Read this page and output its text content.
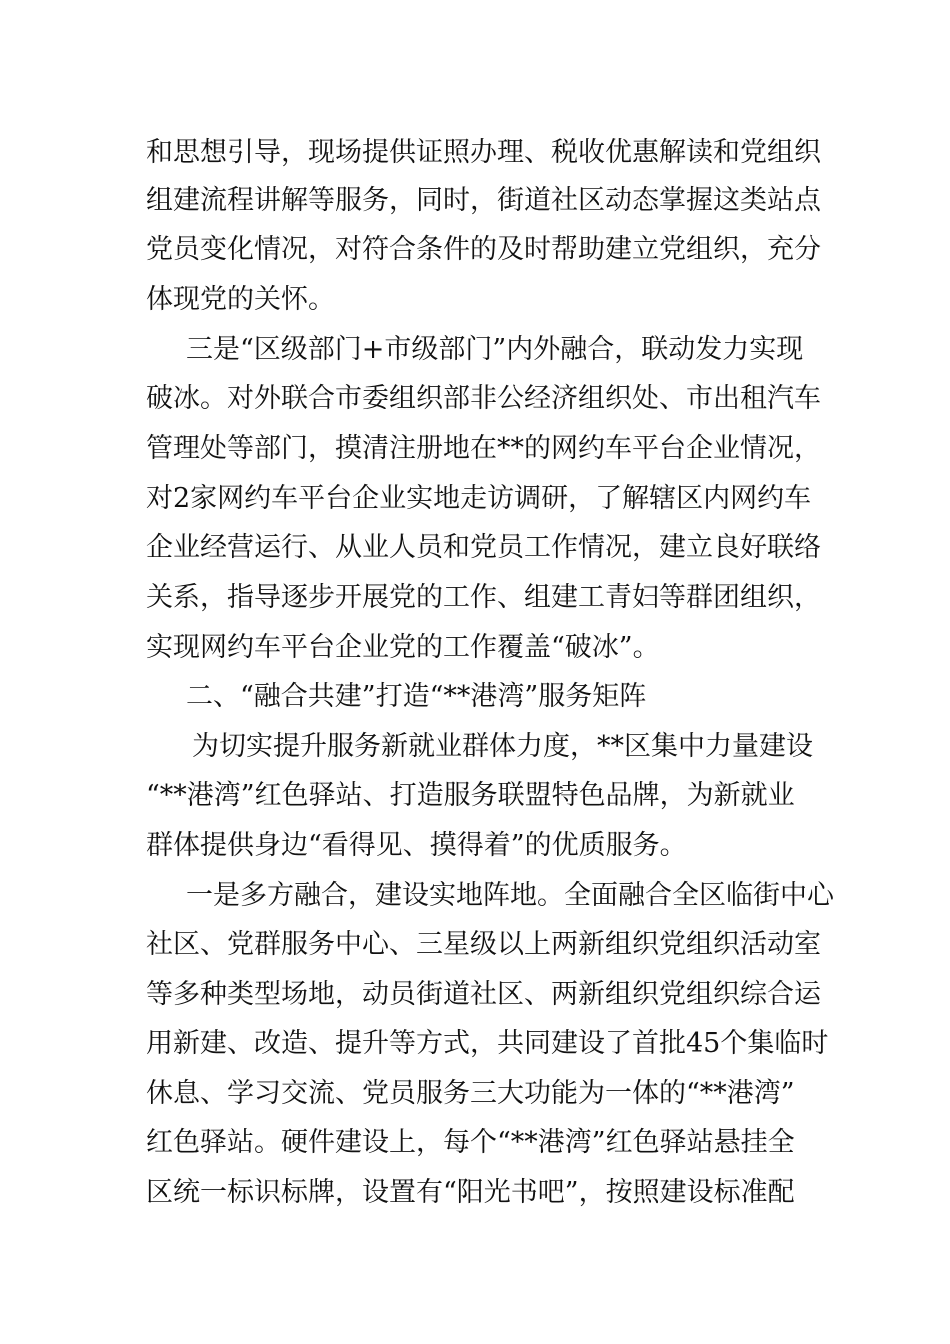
和思想引导，现场提供证照办理、税收优惠解读和党组织
组建流程讲解等服务，同时，街道社区动态掌握这类站点
党员变化情况，对符合条件的及时帮助建立党组织，充分
体现党的关怀。
三是“区级部门+市级部门”内外融合，联动发力实现
破冰。对外联合市委组织部非公经济组织处、市出租汽车
管理处等部门，摸清注册地在**的网约车平台企业情况，
对2家网约车平台企业实地走访调研，了解辖区内网约车
企业经营运行、从业人员和党员工作情况，建立良好联络
关系，指导逐步开展党的工作、组建工青妇等群团组织，
实现网约车平台企业党的工作覆盖“破冰”。
二、“融合共建”打造“**港湾”服务矩阵
为切实提升服务新就业群体力度，**区集中力量建设
“**港湾”红色驿站、打造服务联盟特色品牌，为新就业
群体提供身边“看得见、摸得着”的优质服务。
一是多方融合，建设实地阵地。全面融合全区临街中心
社区、党群服务中心、三星级以上两新组织党组织活动室
等多种类型场地，动员街道社区、两新组织党组织综合运
用新建、改造、提升等方式，共同建设了首批45个集临时
休息、学习交流、党员服务三大功能为一体的“**港湾”
红色驿站。硬件建设上，每个“**港湾”红色驿站悬挂全
区统一标识标牌，设置有“阳光书吧”，按照建设标准配
